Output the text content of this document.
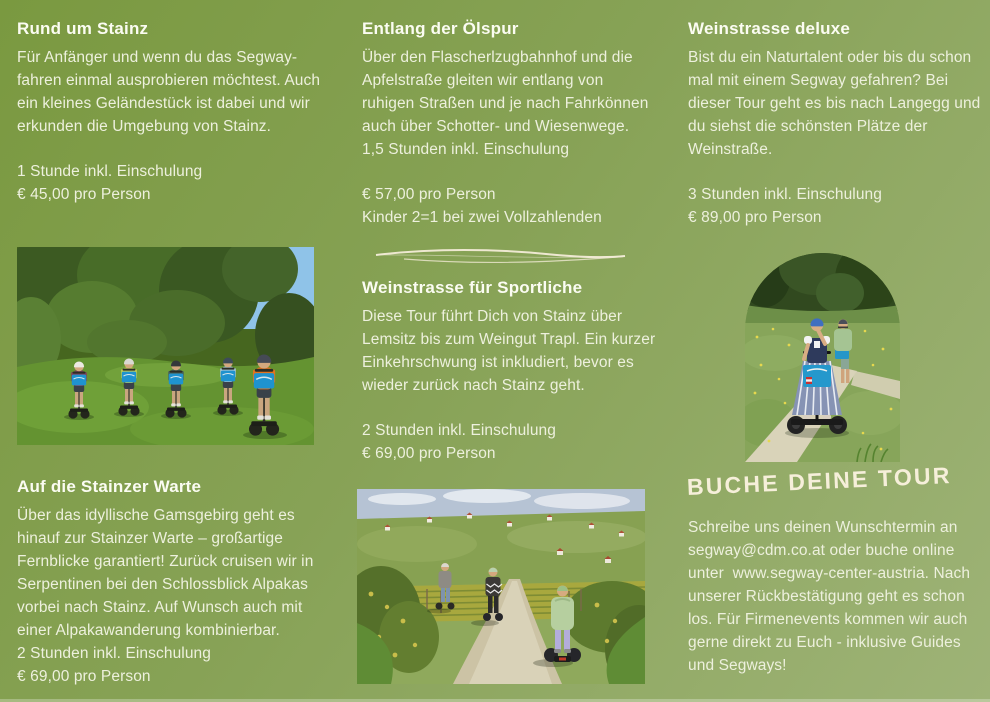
Rund um Stainz

Für Anfänger und wenn du das Segway-fahren einmal ausprobieren möchtest. Auch ein kleines Geländestück ist dabei und wir erkunden die Umgebung von Stainz.

1 Stunde inkl. Einschulung

€ 45,00 pro Person

Entlang der Ölspur

Über den Flascherlzugbahnhof und die Apfelstraße gleiten wir entlang von ruhigen Straßen und je nach Fahrkönnen auch über Schotter- und Wiesenwege.

1,5 Stunden inkl. Einschulung

€ 57,00 pro Person

Kinder 2=1 bei zwei Vollzahlenden

Weinstrasse deluxe

Bist du ein Naturtalent oder bis du schon mal mit einem Segway gefahren? Bei dieser Tour geht es bis nach Langegg und du siehst die schönsten Plätze der Weinstraße.

3 Stunden inkl. Einschulung

€ 89,00 pro Person

Weinstrasse für Sportliche

Diese Tour führt Dich von Stainz über Lemsitz bis zum Weingut Trapl. Ein kurzer Einkehrschwung ist inkludiert, bevor es wieder zurück nach Stainz geht.

2 Stunden inkl. Einschulung

€ 69,00 pro Person

Auf die Stainzer Warte

Über das idyllische Gamsgebirg geht es hinauf zur Stainzer Warte – großartige Fernblicke garantiert! Zurück cruisen wir in Serpentinen bei den Schlossblick Alpakas vorbei nach Stainz. Auf Wunsch auch mit einer Alpakawanderung kombinierbar.

2 Stunden inkl. Einschulung

€ 69,00 pro Person

BUCHE DEINE TOUR

Schreibe uns deinen Wunschtermin an segway@cdm.co.at oder buche online unter  www.segway-center-austria. Nach unserer Rückbestätigung geht es schon los. Für Firmenevents kommen wir auch gerne direkt zu Euch - inklusive Guides und Segways!
